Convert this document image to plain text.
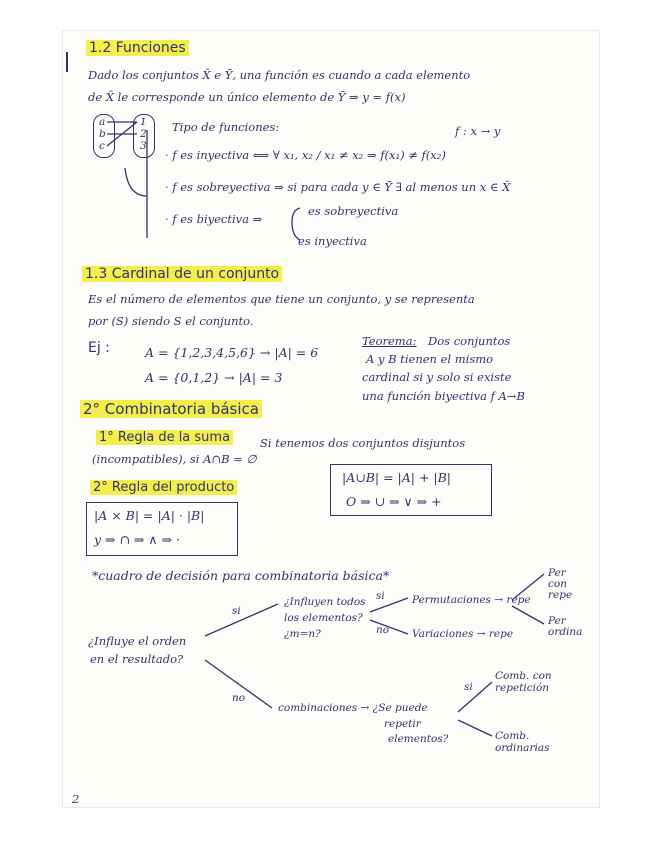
1.2 Funciones
Dado los conjuntos X̄ e Ȳ, una función es cuando a cada elemento
de X̄ le corresponde un único elemento de Ȳ ⇒ y = f(x)
f : x → y
a
b
c
1
2
3
Tipo de funciones:
· f es inyectiva ⟺ ∀ x₁, x₂ / x₁ ≠ x₂ ⇒ f(x₁) ≠ f(x₂)
· f es sobreyectiva ⇒ si para cada y ∈ Ȳ ∃ al menos un x ∈ X̄
· f es biyectiva ⇒
es sobreyectiva
es inyectiva
1.3 Cardinal de un conjunto
Es el número de elementos que tiene un conjunto, y se representa
por (S) siendo S el conjunto.
Ej :	A = {1,2,3,4,5,6} → |A| = 6
A = {0,1,2} → |A| = 3
Teorema: Dos conjuntos
A y B tienen el mismo
cardinal si y solo si existe
una función biyectiva f A→B
2° Combinatoria básica
1° Regla de la suma	Si tenemos dos conjuntos disjuntos
(incompatibles), si A∩B = ∅
|A∪B| = |A| + |B|
O ⇒ ∪ ⇒ ∨ ⇒ +
2° Regla del producto
|A × B| = |A| · |B|
y ⇒ ∩ ⇒ ∧ ⇒ ·
*cuadro de decisión para combinatoria básica*
¿Influye el orden
en el resultado?
si
no
¿Influyen todos
los elementos?
¿m=n?
si
no
Permutaciones → repe
Variaciones → repe
Per con repe
Per ordina
combinaciones → ¿Se puede
repetir
elementos?
si
Comb. con repetición
Comb. ordinarias
2
